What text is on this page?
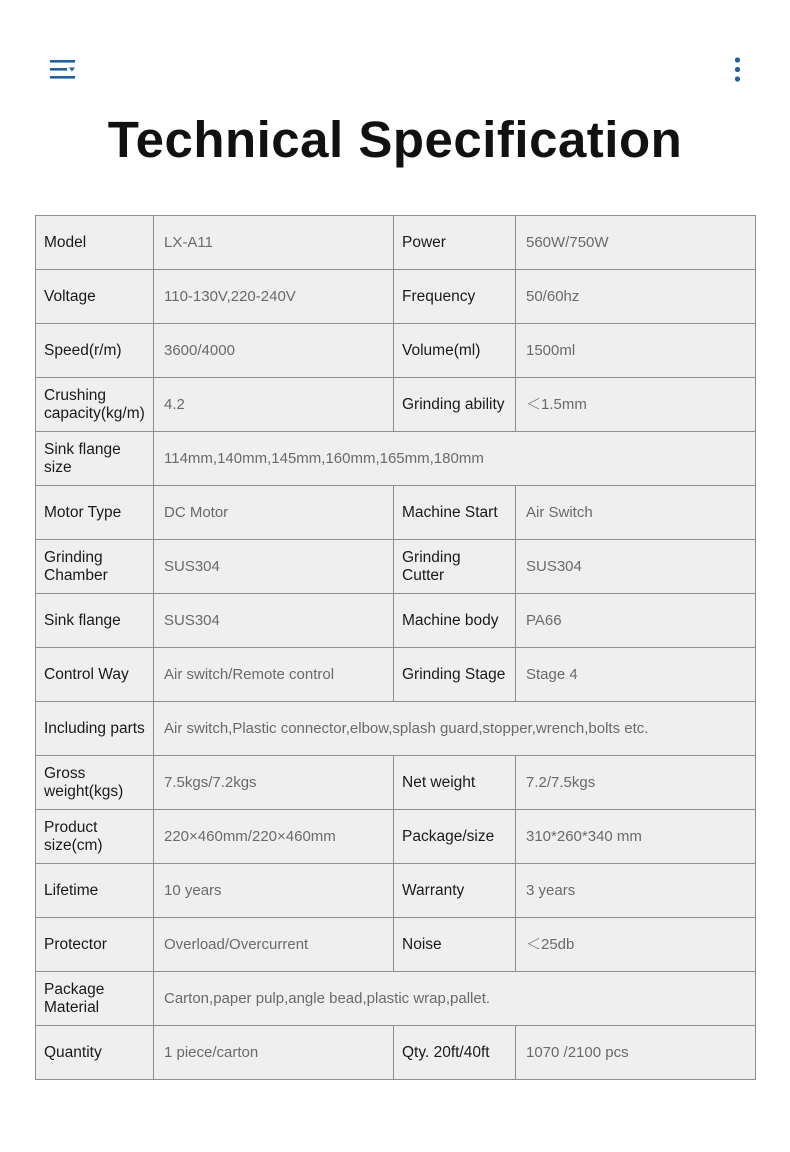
Technical Specification
Model	LX-A11	Power	560W/750W
Voltage	110-130V,220-240V	Frequency	50/60hz
Speed(r/m)	3600/4000	Volume(ml)	1500ml
Crushing capacity(kg/m)	4.2	Grinding ability	＜1.5mm
Sink flange size	114mm,140mm,145mm,160mm,165mm,180mm		
Motor Type	DC Motor	Machine Start	Air Switch
Grinding Chamber	SUS304	Grinding Cutter	SUS304
Sink flange	SUS304	Machine body	PA66
Control Way	Air switch/Remote control	Grinding Stage	Stage 4
Including parts	Air switch,Plastic connector,elbow,splash guard,stopper,wrench,bolts etc.		
Gross weight(kgs)	7.5kgs/7.2kgs	Net weight	7.2/7.5kgs
Product size(cm)	220×460mm/220×460mm	Package/size	310*260*340 mm
Lifetime	10 years	Warranty	3 years
Protector	Overload/Overcurrent	Noise	＜25db
Package Material	Carton,paper pulp,angle bead,plastic wrap,pallet.		
Quantity	1 piece/carton	Qty. 20ft/40ft	1070 /2100 pcs
